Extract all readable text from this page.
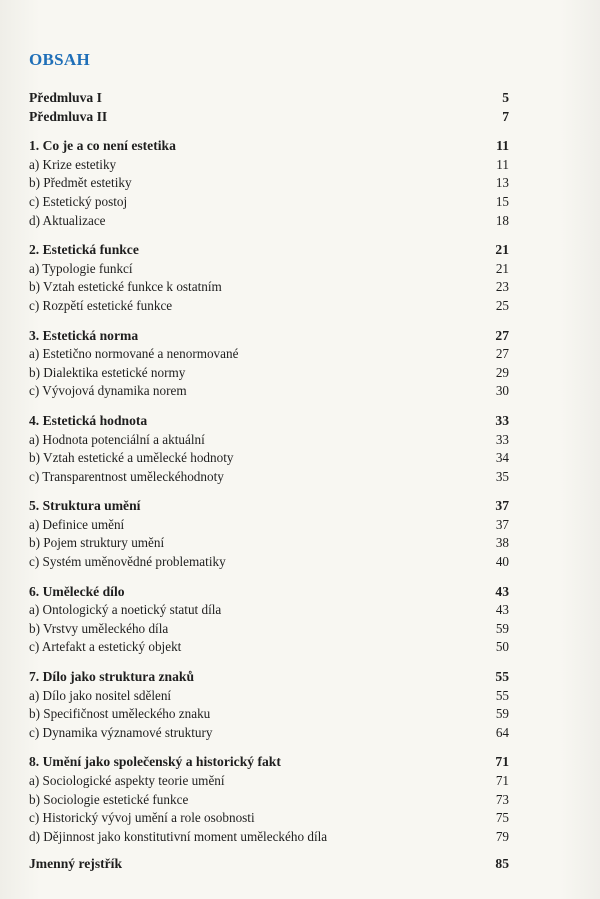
OBSAH
Předmluva I	5
Předmluva II	7
1. Co je a co není estetika	11
a) Krize estetiky	11
b) Předmět estetiky	13
c) Estetický postoj	15
d) Aktualizace	18
2. Estetická funkce	21
a) Typologie funkcí	21
b) Vztah estetické funkce k ostatním	23
c) Rozpětí estetické funkce	25
3. Estetická norma	27
a) Estetično normované a nenormované	27
b) Dialektika estetické normy	29
c) Vývojová dynamika norem	30
4. Estetická hodnota	33
a) Hodnota potenciální a aktuální	33
b) Vztah estetické a umělecké hodnoty	34
c) Transparentnost uměleckéhodnoty	35
5. Struktura umění	37
a) Definice umění	37
b) Pojem struktury umění	38
c) Systém uměnovědné problematiky	40
6. Umělecké dílo	43
a) Ontologický a noetický statut díla	43
b) Vrstvy uměleckého díla	59
c) Artefakt a estetický objekt	50
7. Dílo jako struktura znaků	55
a) Dílo jako nositel sdělení	55
b) Specifičnost uměleckého znaku	59
c) Dynamika významové struktury	64
8. Umění jako společenský a historický fakt	71
a) Sociologické aspekty teorie umění	71
b) Sociologie estetické funkce	73
c) Historický vývoj umění a role osobnosti	75
d) Dějinnost jako konstitutivní moment uměleckého díla	79
Jmenný rejstřík	85
